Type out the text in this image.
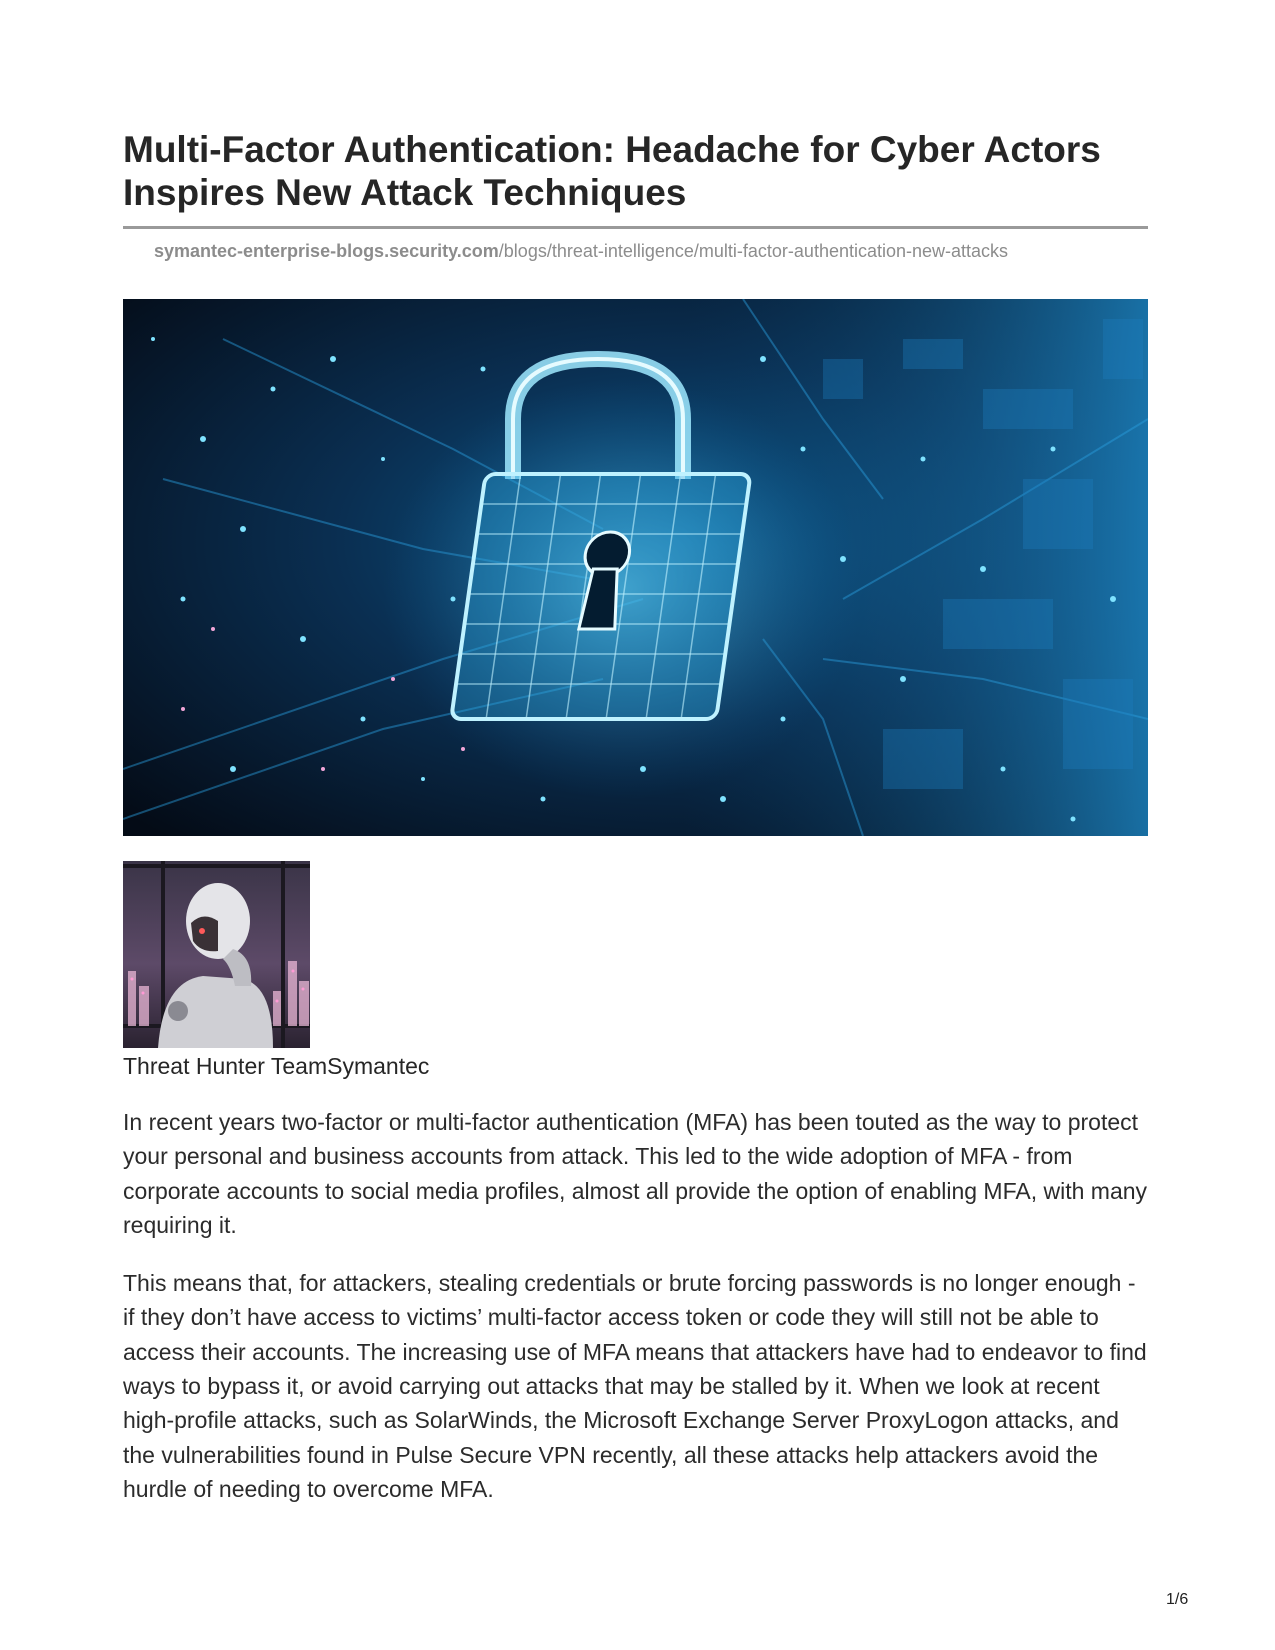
Multi-Factor Authentication: Headache for Cyber Actors Inspires New Attack Techniques
symantec-enterprise-blogs.security.com/blogs/threat-intelligence/multi-factor-authentication-new-attacks
Threat Hunter TeamSymantec

In recent years two-factor or multi-factor authentication (MFA) has been touted as the way to protect your personal and business accounts from attack. This led to the wide adoption of MFA - from corporate accounts to social media profiles, almost all provide the option of enabling MFA, with many requiring it.

This means that, for attackers, stealing credentials or brute forcing passwords is no longer enough - if they don’t have access to victims’ multi-factor access token or code they will still not be able to access their accounts. The increasing use of MFA means that attackers have had to endeavor to find ways to bypass it, or avoid carrying out attacks that may be stalled by it. When we look at recent high-profile attacks, such as SolarWinds, the Microsoft Exchange Server ProxyLogon attacks, and the vulnerabilities found in Pulse Secure VPN recently, all these attacks help attackers avoid the hurdle of needing to overcome MFA.

1/6
